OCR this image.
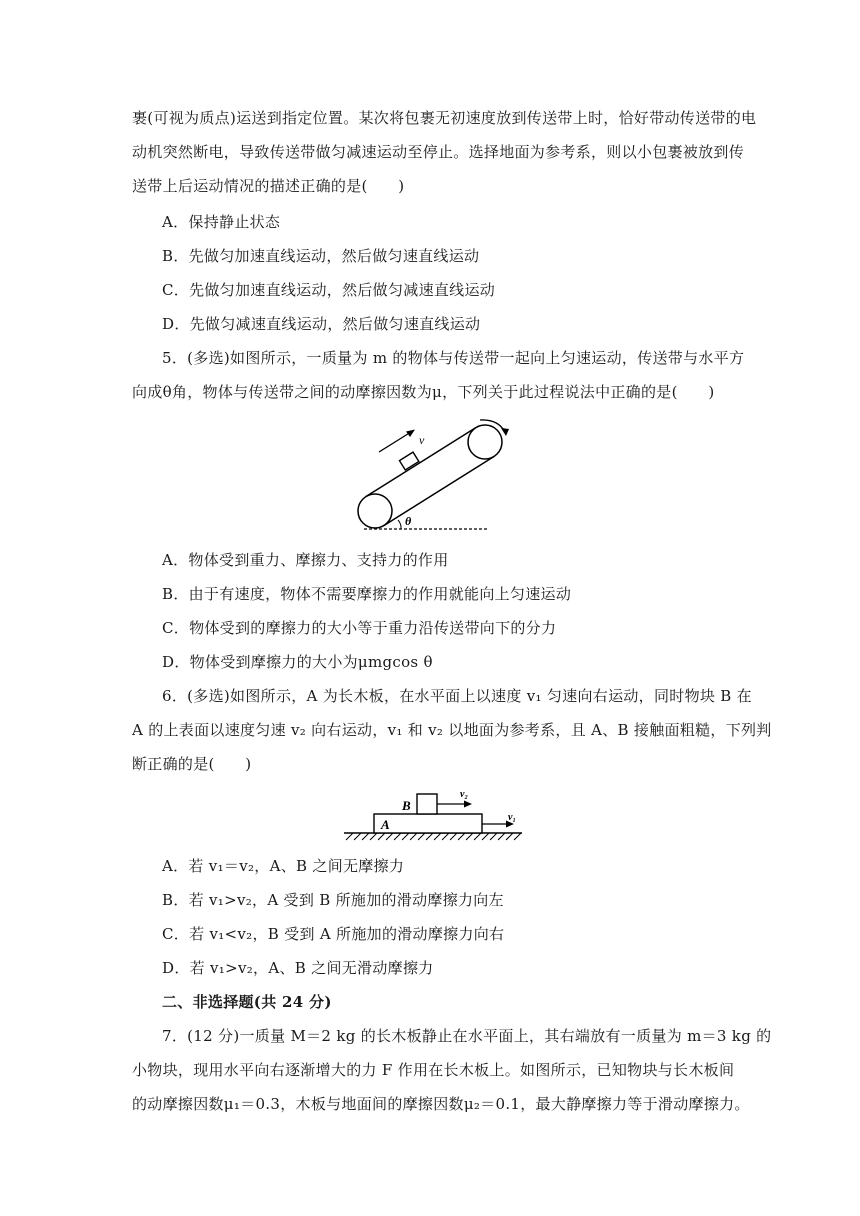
裹(可视为质点)运送到指定位置。某次将包裹无初速度放到传送带上时，恰好带动传送带的电
动机突然断电，导致传送带做匀减速运动至停止。选择地面为参考系，则以小包裹被放到传
送带上后运动情况的描述正确的是(　　)
A．保持静止状态
B．先做匀加速直线运动，然后做匀速直线运动
C．先做匀加速直线运动，然后做匀减速直线运动
D．先做匀减速直线运动，然后做匀速直线运动
5．(多选)如图所示，一质量为 m 的物体与传送带一起向上匀速运动，传送带与水平方
向成θ角，物体与传送带之间的动摩擦因数为μ，下列关于此过程说法中正确的是(　　)
v
θ
A．物体受到重力、摩擦力、支持力的作用
B．由于有速度，物体不需要摩擦力的作用就能向上匀速运动
C．物体受到的摩擦力的大小等于重力沿传送带向下的分力
D．物体受到摩擦力的大小为μmgcos θ
6．(多选)如图所示，A 为长木板，在水平面上以速度 v₁ 匀速向右运动，同时物块 B 在
A 的上表面以速度匀速 v₂ 向右运动，v₁ 和 v₂ 以地面为参考系，且 A、B 接触面粗糙，下列判
断正确的是(　　)
A
B
v₂
v₁
A．若 v₁＝v₂，A、B 之间无摩擦力
B．若 v₁>v₂，A 受到 B 所施加的滑动摩擦力向左
C．若 v₁<v₂，B 受到 A 所施加的滑动摩擦力向右
D．若 v₁>v₂，A、B 之间无滑动摩擦力
二、非选择题(共 24 分)
7．(12 分)一质量 M＝2 kg 的长木板静止在水平面上，其右端放有一质量为 m＝3 kg 的
小物块，现用水平向右逐渐增大的力 F 作用在长木板上。如图所示，已知物块与长木板间
的动摩擦因数μ₁＝0.3，木板与地面间的摩擦因数μ₂＝0.1，最大静摩擦力等于滑动摩擦力。
